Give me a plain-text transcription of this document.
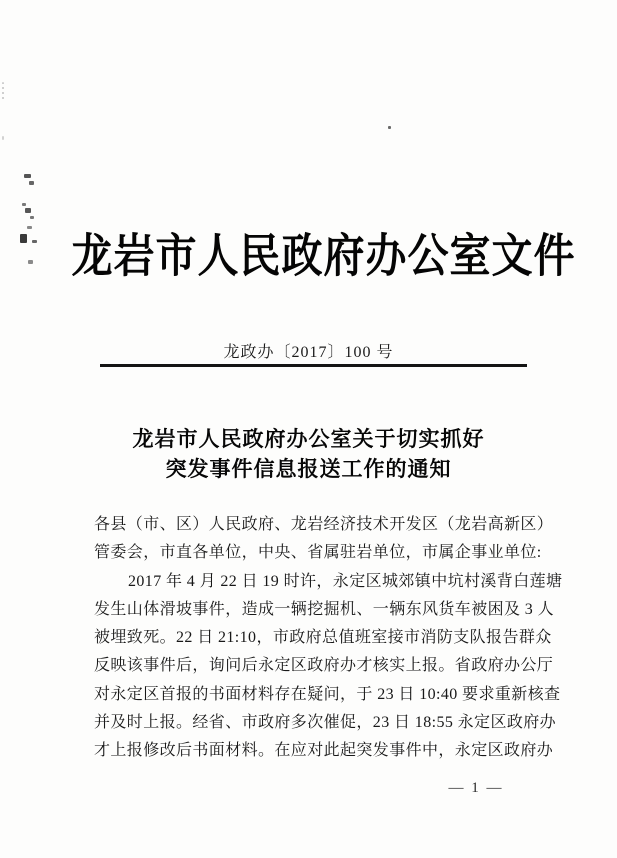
龙岩市人民政府办公室文件
龙政办〔2017〕100 号
龙岩市人民政府办公室关于切实抓好
突发事件信息报送工作的通知
各县（市、区）人民政府、龙岩经济技术开发区（龙岩高新区）
管委会，市直各单位，中央、省属驻岩单位，市属企事业单位:
2017 年 4 月 22 日 19 时许，永定区城郊镇中坑村溪背白莲塘
发生山体滑坡事件，造成一辆挖掘机、一辆东风货车被困及 3 人
被埋致死。22 日 21:10，市政府总值班室接市消防支队报告群众
反映该事件后，询问后永定区政府办才核实上报。省政府办公厅
对永定区首报的书面材料存在疑问，于 23 日 10:40 要求重新核查
并及时上报。经省、市政府多次催促，23 日 18:55 永定区政府办
才上报修改后书面材料。在应对此起突发事件中，永定区政府办
— 1 —
